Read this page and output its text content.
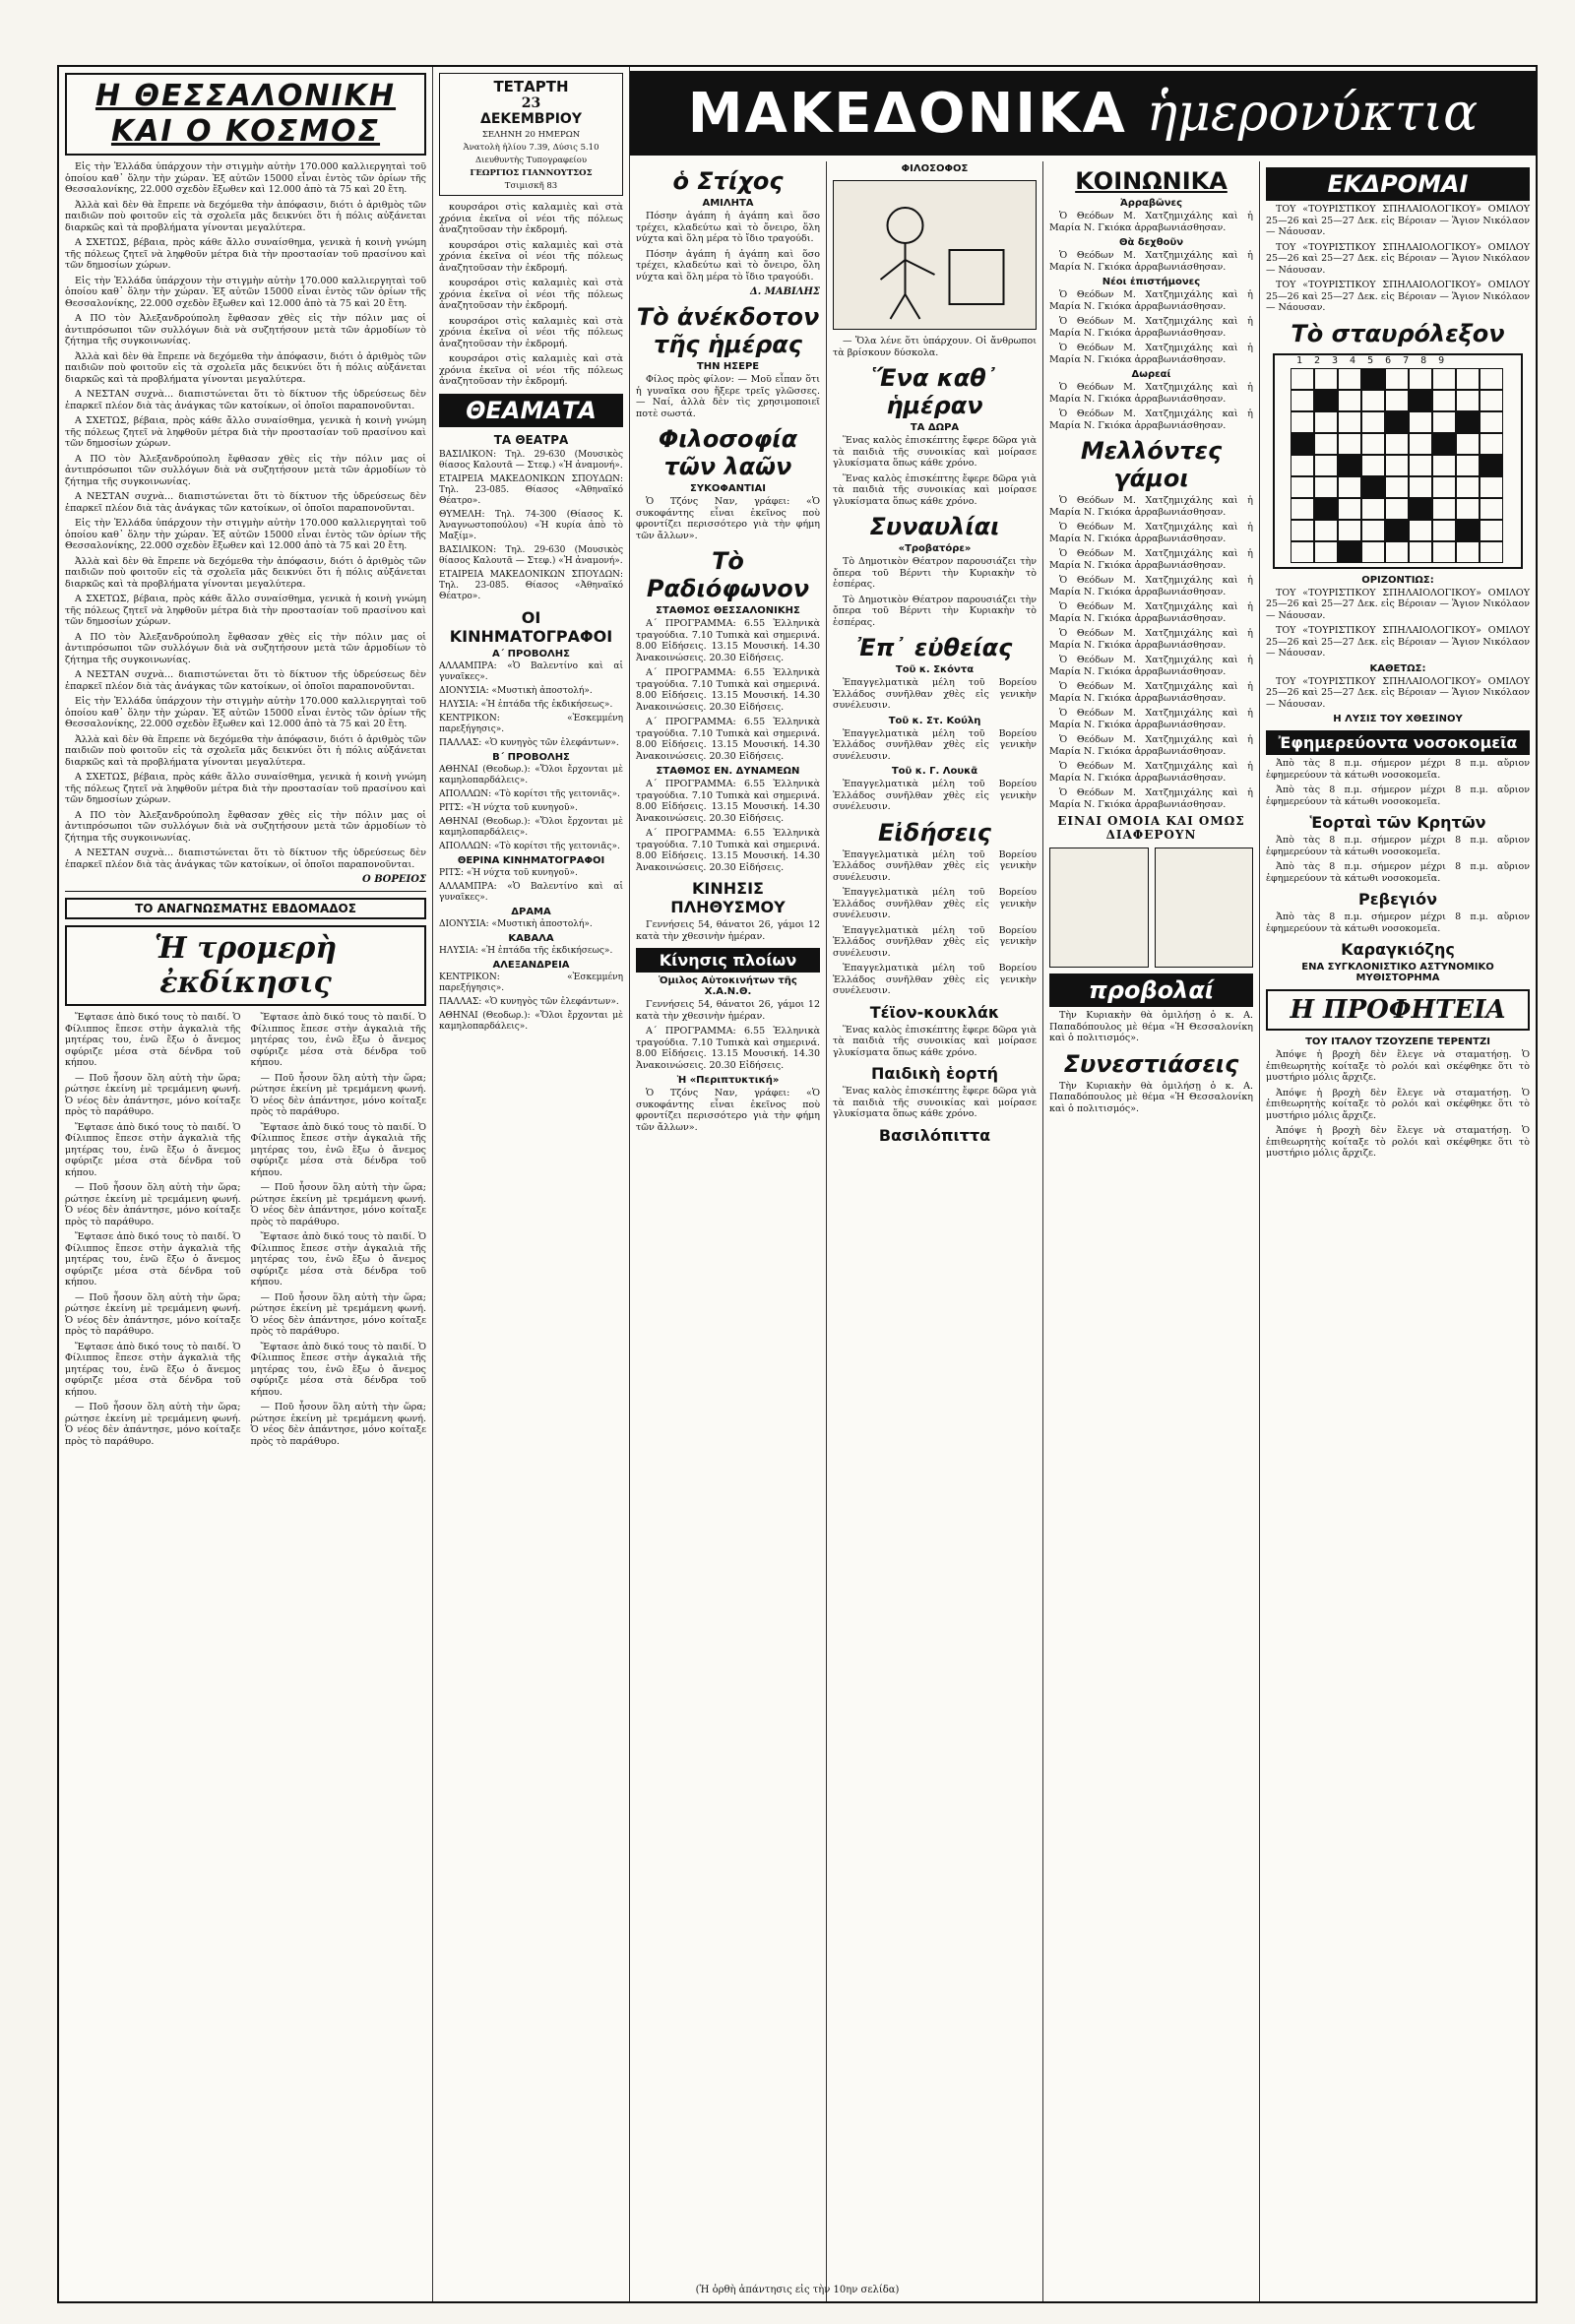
Η ΘΕΣΣΑΛΟΝΙΚΗ
ΚΑΙ Ο ΚΟΣΜΟΣ

Εἰς τὴν Ἑλλάδα ὑπάρχουν τὴν στιγμὴν αὐτὴν 170.000 καλλιεργηταὶ τοῦ ὁποίου καθ᾿ ὅλην τὴν χώραν. Ἐξ αὐτῶν 15000 εἶναι ἐντὸς τῶν ὁρίων τῆς Θεσσαλονίκης, 22.000 σχεδὸν ἔξωθεν καὶ 12.000 ἀπὸ τὰ 75 καὶ 20 ἔτη.

Ἀλλὰ καὶ δὲν θὰ ἔπρεπε νὰ δεχόμεθα τὴν ἀπόφασιν, διότι ὁ ἀριθμὸς τῶν παιδιῶν ποὺ φοιτοῦν εἰς τὰ σχολεῖα μᾶς δεικνύει ὅτι ἡ πόλις αὐξάνεται διαρκῶς καὶ τὰ προβλήματα γίνονται μεγαλύτερα.

Α ΣΧΕΤΩΣ, βέβαια, πρὸς κάθε ἄλλο συναίσθημα, γενικὰ ἡ κοινὴ γνώμη τῆς πόλεως ζητεῖ νὰ ληφθοῦν μέτρα διὰ τὴν προστασίαν τοῦ πρασίνου καὶ τῶν δημοσίων χώρων.

Εἰς τὴν Ἑλλάδα ὑπάρχουν τὴν στιγμὴν αὐτὴν 170.000 καλλιεργηταὶ τοῦ ὁποίου καθ᾿ ὅλην τὴν χώραν. Ἐξ αὐτῶν 15000 εἶναι ἐντὸς τῶν ὁρίων τῆς Θεσσαλονίκης, 22.000 σχεδὸν ἔξωθεν καὶ 12.000 ἀπὸ τὰ 75 καὶ 20 ἔτη.

Α ΠΟ τὸν Ἀλεξανδρούπολη ἔφθασαν χθὲς εἰς τὴν πόλιν μας οἱ ἀντιπρόσωποι τῶν συλλόγων διὰ νὰ συζητήσουν μετὰ τῶν ἁρμοδίων τὸ ζήτημα τῆς συγκοινωνίας.

Ἀλλὰ καὶ δὲν θὰ ἔπρεπε νὰ δεχόμεθα τὴν ἀπόφασιν, διότι ὁ ἀριθμὸς τῶν παιδιῶν ποὺ φοιτοῦν εἰς τὰ σχολεῖα μᾶς δεικνύει ὅτι ἡ πόλις αὐξάνεται διαρκῶς καὶ τὰ προβλήματα γίνονται μεγαλύτερα.

Α ΝΕΣΤΑΝ συχνὰ... διαπιστώνεται ὅτι τὸ δίκτυον τῆς ὑδρεύσεως δὲν ἐπαρκεῖ πλέον διὰ τὰς ἀνάγκας τῶν κατοίκων, οἱ ὁποῖοι παραπονοῦνται.

Α ΣΧΕΤΩΣ, βέβαια, πρὸς κάθε ἄλλο συναίσθημα, γενικὰ ἡ κοινὴ γνώμη τῆς πόλεως ζητεῖ νὰ ληφθοῦν μέτρα διὰ τὴν προστασίαν τοῦ πρασίνου καὶ τῶν δημοσίων χώρων.

Α ΠΟ τὸν Ἀλεξανδρούπολη ἔφθασαν χθὲς εἰς τὴν πόλιν μας οἱ ἀντιπρόσωποι τῶν συλλόγων διὰ νὰ συζητήσουν μετὰ τῶν ἁρμοδίων τὸ ζήτημα τῆς συγκοινωνίας.

Α ΝΕΣΤΑΝ συχνὰ... διαπιστώνεται ὅτι τὸ δίκτυον τῆς ὑδρεύσεως δὲν ἐπαρκεῖ πλέον διὰ τὰς ἀνάγκας τῶν κατοίκων, οἱ ὁποῖοι παραπονοῦνται.

Εἰς τὴν Ἑλλάδα ὑπάρχουν τὴν στιγμὴν αὐτὴν 170.000 καλλιεργηταὶ τοῦ ὁποίου καθ᾿ ὅλην τὴν χώραν. Ἐξ αὐτῶν 15000 εἶναι ἐντὸς τῶν ὁρίων τῆς Θεσσαλονίκης, 22.000 σχεδὸν ἔξωθεν καὶ 12.000 ἀπὸ τὰ 75 καὶ 20 ἔτη.

Ἀλλὰ καὶ δὲν θὰ ἔπρεπε νὰ δεχόμεθα τὴν ἀπόφασιν, διότι ὁ ἀριθμὸς τῶν παιδιῶν ποὺ φοιτοῦν εἰς τὰ σχολεῖα μᾶς δεικνύει ὅτι ἡ πόλις αὐξάνεται διαρκῶς καὶ τὰ προβλήματα γίνονται μεγαλύτερα.

Α ΣΧΕΤΩΣ, βέβαια, πρὸς κάθε ἄλλο συναίσθημα, γενικὰ ἡ κοινὴ γνώμη τῆς πόλεως ζητεῖ νὰ ληφθοῦν μέτρα διὰ τὴν προστασίαν τοῦ πρασίνου καὶ τῶν δημοσίων χώρων.

Α ΠΟ τὸν Ἀλεξανδρούπολη ἔφθασαν χθὲς εἰς τὴν πόλιν μας οἱ ἀντιπρόσωποι τῶν συλλόγων διὰ νὰ συζητήσουν μετὰ τῶν ἁρμοδίων τὸ ζήτημα τῆς συγκοινωνίας.

Α ΝΕΣΤΑΝ συχνὰ... διαπιστώνεται ὅτι τὸ δίκτυον τῆς ὑδρεύσεως δὲν ἐπαρκεῖ πλέον διὰ τὰς ἀνάγκας τῶν κατοίκων, οἱ ὁποῖοι παραπονοῦνται.

Εἰς τὴν Ἑλλάδα ὑπάρχουν τὴν στιγμὴν αὐτὴν 170.000 καλλιεργηταὶ τοῦ ὁποίου καθ᾿ ὅλην τὴν χώραν. Ἐξ αὐτῶν 15000 εἶναι ἐντὸς τῶν ὁρίων τῆς Θεσσαλονίκης, 22.000 σχεδὸν ἔξωθεν καὶ 12.000 ἀπὸ τὰ 75 καὶ 20 ἔτη.

Ἀλλὰ καὶ δὲν θὰ ἔπρεπε νὰ δεχόμεθα τὴν ἀπόφασιν, διότι ὁ ἀριθμὸς τῶν παιδιῶν ποὺ φοιτοῦν εἰς τὰ σχολεῖα μᾶς δεικνύει ὅτι ἡ πόλις αὐξάνεται διαρκῶς καὶ τὰ προβλήματα γίνονται μεγαλύτερα.

Α ΣΧΕΤΩΣ, βέβαια, πρὸς κάθε ἄλλο συναίσθημα, γενικὰ ἡ κοινὴ γνώμη τῆς πόλεως ζητεῖ νὰ ληφθοῦν μέτρα διὰ τὴν προστασίαν τοῦ πρασίνου καὶ τῶν δημοσίων χώρων.

Α ΠΟ τὸν Ἀλεξανδρούπολη ἔφθασαν χθὲς εἰς τὴν πόλιν μας οἱ ἀντιπρόσωποι τῶν συλλόγων διὰ νὰ συζητήσουν μετὰ τῶν ἁρμοδίων τὸ ζήτημα τῆς συγκοινωνίας.

Α ΝΕΣΤΑΝ συχνὰ... διαπιστώνεται ὅτι τὸ δίκτυον τῆς ὑδρεύσεως δὲν ἐπαρκεῖ πλέον διὰ τὰς ἀνάγκας τῶν κατοίκων, οἱ ὁποῖοι παραπονοῦνται.

Ο ΒΟΡΕΙΟΣ
ΤΟ ΑΝΑΓΝΩΣΜΑΤΗΣ ΕΒΔΟΜΑΔΟΣ
Ἡ τρομερὴ ἐκδίκησις

Ἔφτασε ἀπὸ δικό τους τὸ παιδί. Ὁ Φίλιππος ἔπεσε στὴν ἀγκαλιὰ τῆς μητέρας του, ἐνῶ ἔξω ὁ ἄνεμος σφύριζε μέσα στὰ δένδρα τοῦ κήπου.

— Ποῦ ἦσουν ὅλη αὐτὴ τὴν ὥρα; ρώτησε ἐκείνη μὲ τρεμάμενη φωνή. Ὁ νέος δὲν ἀπάντησε, μόνο κοίταξε πρὸς τὸ παράθυρο.

Ἔφτασε ἀπὸ δικό τους τὸ παιδί. Ὁ Φίλιππος ἔπεσε στὴν ἀγκαλιὰ τῆς μητέρας του, ἐνῶ ἔξω ὁ ἄνεμος σφύριζε μέσα στὰ δένδρα τοῦ κήπου.

— Ποῦ ἦσουν ὅλη αὐτὴ τὴν ὥρα; ρώτησε ἐκείνη μὲ τρεμάμενη φωνή. Ὁ νέος δὲν ἀπάντησε, μόνο κοίταξε πρὸς τὸ παράθυρο.

Ἔφτασε ἀπὸ δικό τους τὸ παιδί. Ὁ Φίλιππος ἔπεσε στὴν ἀγκαλιὰ τῆς μητέρας του, ἐνῶ ἔξω ὁ ἄνεμος σφύριζε μέσα στὰ δένδρα τοῦ κήπου.

— Ποῦ ἦσουν ὅλη αὐτὴ τὴν ὥρα; ρώτησε ἐκείνη μὲ τρεμάμενη φωνή. Ὁ νέος δὲν ἀπάντησε, μόνο κοίταξε πρὸς τὸ παράθυρο.

Ἔφτασε ἀπὸ δικό τους τὸ παιδί. Ὁ Φίλιππος ἔπεσε στὴν ἀγκαλιὰ τῆς μητέρας του, ἐνῶ ἔξω ὁ ἄνεμος σφύριζε μέσα στὰ δένδρα τοῦ κήπου.

— Ποῦ ἦσουν ὅλη αὐτὴ τὴν ὥρα; ρώτησε ἐκείνη μὲ τρεμάμενη φωνή. Ὁ νέος δὲν ἀπάντησε, μόνο κοίταξε πρὸς τὸ παράθυρο.

Ἔφτασε ἀπὸ δικό τους τὸ παιδί. Ὁ Φίλιππος ἔπεσε στὴν ἀγκαλιὰ τῆς μητέρας του, ἐνῶ ἔξω ὁ ἄνεμος σφύριζε μέσα στὰ δένδρα τοῦ κήπου.

— Ποῦ ἦσουν ὅλη αὐτὴ τὴν ὥρα; ρώτησε ἐκείνη μὲ τρεμάμενη φωνή. Ὁ νέος δὲν ἀπάντησε, μόνο κοίταξε πρὸς τὸ παράθυρο.

Ἔφτασε ἀπὸ δικό τους τὸ παιδί. Ὁ Φίλιππος ἔπεσε στὴν ἀγκαλιὰ τῆς μητέρας του, ἐνῶ ἔξω ὁ ἄνεμος σφύριζε μέσα στὰ δένδρα τοῦ κήπου.

— Ποῦ ἦσουν ὅλη αὐτὴ τὴν ὥρα; ρώτησε ἐκείνη μὲ τρεμάμενη φωνή. Ὁ νέος δὲν ἀπάντησε, μόνο κοίταξε πρὸς τὸ παράθυρο.

Ἔφτασε ἀπὸ δικό τους τὸ παιδί. Ὁ Φίλιππος ἔπεσε στὴν ἀγκαλιὰ τῆς μητέρας του, ἐνῶ ἔξω ὁ ἄνεμος σφύριζε μέσα στὰ δένδρα τοῦ κήπου.

— Ποῦ ἦσουν ὅλη αὐτὴ τὴν ὥρα; ρώτησε ἐκείνη μὲ τρεμάμενη φωνή. Ὁ νέος δὲν ἀπάντησε, μόνο κοίταξε πρὸς τὸ παράθυρο.

Ἔφτασε ἀπὸ δικό τους τὸ παιδί. Ὁ Φίλιππος ἔπεσε στὴν ἀγκαλιὰ τῆς μητέρας του, ἐνῶ ἔξω ὁ ἄνεμος σφύριζε μέσα στὰ δένδρα τοῦ κήπου.

— Ποῦ ἦσουν ὅλη αὐτὴ τὴν ὥρα; ρώτησε ἐκείνη μὲ τρεμάμενη φωνή. Ὁ νέος δὲν ἀπάντησε, μόνο κοίταξε πρὸς τὸ παράθυρο.

ΤΕΤΑΡΤΗ
23
ΔΕΚΕΜΒΡΙΟΥ
ΣΕΛΗΝΗ 20 ΗΜΕΡΩΝ
Ἀνατολὴ ἡλίου 7.39, Δύσις 5.10
Διευθυντὴς Τυπογραφείου
ΓΕΩΡΓΙΟΣ ΓΙΑΝΝΟΥΤΣΟΣ
Τσιμισκῆ 83

κουρσάροι στὶς καλαμιὲς καὶ στὰ χρόνια ἐκεῖνα οἱ νέοι τῆς πόλεως ἀναζητοῦσαν τὴν ἐκδρομή.

κουρσάροι στὶς καλαμιὲς καὶ στὰ χρόνια ἐκεῖνα οἱ νέοι τῆς πόλεως ἀναζητοῦσαν τὴν ἐκδρομή.

κουρσάροι στὶς καλαμιὲς καὶ στὰ χρόνια ἐκεῖνα οἱ νέοι τῆς πόλεως ἀναζητοῦσαν τὴν ἐκδρομή.

κουρσάροι στὶς καλαμιὲς καὶ στὰ χρόνια ἐκεῖνα οἱ νέοι τῆς πόλεως ἀναζητοῦσαν τὴν ἐκδρομή.

κουρσάροι στὶς καλαμιὲς καὶ στὰ χρόνια ἐκεῖνα οἱ νέοι τῆς πόλεως ἀναζητοῦσαν τὴν ἐκδρομή.

ΘΕΑΜΑΤΑ
ΤΑ ΘΕΑΤΡΑ

ΒΑΣΙΛΙΚΟΝ: Τηλ. 29-630 (Μουσικὸς θίασος Καλουτᾶ — Στεφ.) «Ἡ ἀναμονή».

ΕΤΑΙΡΕΙΑ ΜΑΚΕΔΟΝΙΚΩΝ ΣΠΟΥΔΩΝ: Τηλ. 23-085. Θίασος «Ἀθηναϊκό Θέατρο».

ΘΥΜΕΛΗ: Τηλ. 74-300 (Θίασος Κ. Ἀναγνωστοπούλου) «Ἡ κυρία ἀπὸ τὸ Μαξίμ».

ΒΑΣΙΛΙΚΟΝ: Τηλ. 29-630 (Μουσικὸς θίασος Καλουτᾶ — Στεφ.) «Ἡ ἀναμονή».

ΕΤΑΙΡΕΙΑ ΜΑΚΕΔΟΝΙΚΩΝ ΣΠΟΥΔΩΝ: Τηλ. 23-085. Θίασος «Ἀθηναϊκό Θέατρο».

ΟΙ ΚΙΝΗΜΑΤΟΓΡΑΦΟΙ
Α΄ ΠΡΟΒΟΛΗΣ

ΑΛΛΑΜΠΡΑ: «Ὁ Βαλεντίνο καὶ αἱ γυναῖκες».

ΔΙΟΝΥΣΙΑ: «Μυστικὴ ἀποστολή».

ΗΛΥΣΙΑ: «Ἡ ἑπτάδα τῆς ἐκδικήσεως».

ΚΕΝΤΡΙΚΟΝ: «Ἐσκεμμένη παρεξήγησις».

ΠΑΛΛΑΣ: «Ὁ κυνηγὸς τῶν ἐλεφάντων».

Β΄ ΠΡΟΒΟΛΗΣ

ΑΘΗΝΑΙ (Θεοδωρ.): «Ὅλοι ἔρχονται μὲ καμηλοπαρδάλεις».

ΑΠΟΛΛΩΝ: «Τὸ κορίτσι τῆς γειτονιᾶς».

ΡΙΤΣ: «Ἡ νύχτα τοῦ κυνηγοῦ».

ΑΘΗΝΑΙ (Θεοδωρ.): «Ὅλοι ἔρχονται μὲ καμηλοπαρδάλεις».

ΑΠΟΛΛΩΝ: «Τὸ κορίτσι τῆς γειτονιᾶς».

ΘΕΡΙΝΑ ΚΙΝΗΜΑΤΟΓΡΑΦΟΙ

ΡΙΤΣ: «Ἡ νύχτα τοῦ κυνηγοῦ».

ΑΛΛΑΜΠΡΑ: «Ὁ Βαλεντίνο καὶ αἱ γυναῖκες».

ΔΡΑΜΑ

ΔΙΟΝΥΣΙΑ: «Μυστικὴ ἀποστολή».

ΚΑΒΑΛΑ

ΗΛΥΣΙΑ: «Ἡ ἑπτάδα τῆς ἐκδικήσεως».

ΑΛΕΞΑΝΔΡΕΙΑ

ΚΕΝΤΡΙΚΟΝ: «Ἐσκεμμένη παρεξήγησις».

ΠΑΛΛΑΣ: «Ὁ κυνηγὸς τῶν ἐλεφάντων».

ΑΘΗΝΑΙ (Θεοδωρ.): «Ὅλοι ἔρχονται μὲ καμηλοπαρδάλεις».

ΜΑΚΕΔΟΝΙΚΑ ἡμερονύκτια
ὁ Στίχος
ΑΜΙΛΗΤΑ

Πόσην ἀγάπη ἡ ἀγάπη καὶ ὅσο τρέχει, κλαδεύτω καὶ τὸ ὄνειρο, ὅλη νύχτα καὶ ὅλη μέρα τὸ ἴδιο τραγούδι.

Πόσην ἀγάπη ἡ ἀγάπη καὶ ὅσο τρέχει, κλαδεύτω καὶ τὸ ὄνειρο, ὅλη νύχτα καὶ ὅλη μέρα τὸ ἴδιο τραγούδι.

Δ. ΜΑΒΙΛΗΣ
Τὸ ἀνέκδοτον τῆς ἡμέρας
ΤΗΝ ΗΣΕΡΕ

Φίλος πρὸς φίλον: — Μοῦ εἶπαν ὅτι ἡ γυναῖκα σου ἤξερε τρεῖς γλῶσσες. — Ναί, ἀλλὰ δὲν τὶς χρησιμοποιεῖ ποτὲ σωστά.

Φιλοσοφία τῶν λαῶν
ΣΥΚΟΦΑΝΤΙΑΙ

Ὁ Τζόνς Ναν, γράφει: «Ὁ συκοφάντης εἶναι ἐκεῖνος ποὺ φροντίζει περισσότερο γιὰ τὴν φήμη τῶν ἄλλων».

Τὸ Ραδιόφωνον
ΣΤΑΘΜΟΣ ΘΕΣΣΑΛΟΝΙΚΗΣ

Α΄ ΠΡΟΓΡΑΜΜΑ: 6.55 Ἑλληνικὰ τραγούδια. 7.10 Τυπικὰ καὶ σημερινά. 8.00 Εἰδήσεις. 13.15 Μουσική. 14.30 Ἀνακοινώσεις. 20.30 Εἰδήσεις.

Α΄ ΠΡΟΓΡΑΜΜΑ: 6.55 Ἑλληνικὰ τραγούδια. 7.10 Τυπικὰ καὶ σημερινά. 8.00 Εἰδήσεις. 13.15 Μουσική. 14.30 Ἀνακοινώσεις. 20.30 Εἰδήσεις.

Α΄ ΠΡΟΓΡΑΜΜΑ: 6.55 Ἑλληνικὰ τραγούδια. 7.10 Τυπικὰ καὶ σημερινά. 8.00 Εἰδήσεις. 13.15 Μουσική. 14.30 Ἀνακοινώσεις. 20.30 Εἰδήσεις.

ΣΤΑΘΜΟΣ ΕΝ. ΔΥΝΑΜΕΩΝ

Α΄ ΠΡΟΓΡΑΜΜΑ: 6.55 Ἑλληνικὰ τραγούδια. 7.10 Τυπικὰ καὶ σημερινά. 8.00 Εἰδήσεις. 13.15 Μουσική. 14.30 Ἀνακοινώσεις. 20.30 Εἰδήσεις.

Α΄ ΠΡΟΓΡΑΜΜΑ: 6.55 Ἑλληνικὰ τραγούδια. 7.10 Τυπικὰ καὶ σημερινά. 8.00 Εἰδήσεις. 13.15 Μουσική. 14.30 Ἀνακοινώσεις. 20.30 Εἰδήσεις.

ΚΙΝΗΣΙΣ ΠΛΗΘΥΣΜΟΥ

Γεννήσεις 54, θάνατοι 26, γάμοι 12 κατὰ τὴν χθεσινὴν ἡμέραν.

Κίνησις πλοίων
Ὁμιλος Αὐτοκινήτων τῆς Χ.Α.Ν.Θ.

Γεννήσεις 54, θάνατοι 26, γάμοι 12 κατὰ τὴν χθεσινὴν ἡμέραν.

Α΄ ΠΡΟΓΡΑΜΜΑ: 6.55 Ἑλληνικὰ τραγούδια. 7.10 Τυπικὰ καὶ σημερινά. 8.00 Εἰδήσεις. 13.15 Μουσική. 14.30 Ἀνακοινώσεις. 20.30 Εἰδήσεις.

Ἡ «Περιπτυκτική»

Ὁ Τζόνς Ναν, γράφει: «Ὁ συκοφάντης εἶναι ἐκεῖνος ποὺ φροντίζει περισσότερο γιὰ τὴν φήμη τῶν ἄλλων».

ΦΙΛΟΣΟΦΟΣ

— Ὅλα λένε ὅτι ὑπάρχουν. Οἱ ἄνθρωποι τὰ βρίσκουν δύσκολα.

Ἕνα καθ᾿ ἡμέραν
ΤΑ ΔΩΡΑ

Ἕνας καλὸς ἐπισκέπτης ἔφερε δῶρα γιὰ τὰ παιδιὰ τῆς συνοικίας καὶ μοίρασε γλυκίσματα ὅπως κάθε χρόνο.

Ἕνας καλὸς ἐπισκέπτης ἔφερε δῶρα γιὰ τὰ παιδιὰ τῆς συνοικίας καὶ μοίρασε γλυκίσματα ὅπως κάθε χρόνο.

Συναυλίαι
«Τροβατόρε»

Τὸ Δημοτικὸν Θέατρον παρουσιάζει τὴν ὄπερα τοῦ Βέρντι τὴν Κυριακὴν τὸ ἑσπέρας.

Τὸ Δημοτικὸν Θέατρον παρουσιάζει τὴν ὄπερα τοῦ Βέρντι τὴν Κυριακὴν τὸ ἑσπέρας.

Ἐπ᾿ εὐθείας
Τοῦ κ. Σκόντα

Ἐπαγγελματικὰ μέλη τοῦ Βορείου Ἑλλάδος συνῆλθαν χθὲς εἰς γενικὴν συνέλευσιν.

Τοῦ κ. Στ. Κούλη

Ἐπαγγελματικὰ μέλη τοῦ Βορείου Ἑλλάδος συνῆλθαν χθὲς εἰς γενικὴν συνέλευσιν.

Τοῦ κ. Γ. Λουκᾶ

Ἐπαγγελματικὰ μέλη τοῦ Βορείου Ἑλλάδος συνῆλθαν χθὲς εἰς γενικὴν συνέλευσιν.

Εἰδήσεις

Ἐπαγγελματικὰ μέλη τοῦ Βορείου Ἑλλάδος συνῆλθαν χθὲς εἰς γενικὴν συνέλευσιν.

Ἐπαγγελματικὰ μέλη τοῦ Βορείου Ἑλλάδος συνῆλθαν χθὲς εἰς γενικὴν συνέλευσιν.

Ἐπαγγελματικὰ μέλη τοῦ Βορείου Ἑλλάδος συνῆλθαν χθὲς εἰς γενικὴν συνέλευσιν.

Ἐπαγγελματικὰ μέλη τοῦ Βορείου Ἑλλάδος συνῆλθαν χθὲς εἰς γενικὴν συνέλευσιν.

Τέϊον-κουκλάκ

Ἕνας καλὸς ἐπισκέπτης ἔφερε δῶρα γιὰ τὰ παιδιὰ τῆς συνοικίας καὶ μοίρασε γλυκίσματα ὅπως κάθε χρόνο.

Παιδικὴ ἑορτή

Ἕνας καλὸς ἐπισκέπτης ἔφερε δῶρα γιὰ τὰ παιδιὰ τῆς συνοικίας καὶ μοίρασε γλυκίσματα ὅπως κάθε χρόνο.

Βασιλόπιττα
ΚΟΙΝΩΝΙΚΑ
Ἀρραβῶνες

Ὁ Θεόδων Μ. Χατζημιχάλης καὶ ἡ Μαρία Ν. Γκιόκα ἀρραβωνιάσθησαν.

Θὰ δεχθοῦν

Ὁ Θεόδων Μ. Χατζημιχάλης καὶ ἡ Μαρία Ν. Γκιόκα ἀρραβωνιάσθησαν.

Νέοι ἐπιστήμονες

Ὁ Θεόδων Μ. Χατζημιχάλης καὶ ἡ Μαρία Ν. Γκιόκα ἀρραβωνιάσθησαν.

Ὁ Θεόδων Μ. Χατζημιχάλης καὶ ἡ Μαρία Ν. Γκιόκα ἀρραβωνιάσθησαν.

Ὁ Θεόδων Μ. Χατζημιχάλης καὶ ἡ Μαρία Ν. Γκιόκα ἀρραβωνιάσθησαν.

Δωρεαί

Ὁ Θεόδων Μ. Χατζημιχάλης καὶ ἡ Μαρία Ν. Γκιόκα ἀρραβωνιάσθησαν.

Ὁ Θεόδων Μ. Χατζημιχάλης καὶ ἡ Μαρία Ν. Γκιόκα ἀρραβωνιάσθησαν.

Μελλόντες γάμοι

Ὁ Θεόδων Μ. Χατζημιχάλης καὶ ἡ Μαρία Ν. Γκιόκα ἀρραβωνιάσθησαν.

Ὁ Θεόδων Μ. Χατζημιχάλης καὶ ἡ Μαρία Ν. Γκιόκα ἀρραβωνιάσθησαν.

Ὁ Θεόδων Μ. Χατζημιχάλης καὶ ἡ Μαρία Ν. Γκιόκα ἀρραβωνιάσθησαν.

Ὁ Θεόδων Μ. Χατζημιχάλης καὶ ἡ Μαρία Ν. Γκιόκα ἀρραβωνιάσθησαν.

Ὁ Θεόδων Μ. Χατζημιχάλης καὶ ἡ Μαρία Ν. Γκιόκα ἀρραβωνιάσθησαν.

Ὁ Θεόδων Μ. Χατζημιχάλης καὶ ἡ Μαρία Ν. Γκιόκα ἀρραβωνιάσθησαν.

Ὁ Θεόδων Μ. Χατζημιχάλης καὶ ἡ Μαρία Ν. Γκιόκα ἀρραβωνιάσθησαν.

Ὁ Θεόδων Μ. Χατζημιχάλης καὶ ἡ Μαρία Ν. Γκιόκα ἀρραβωνιάσθησαν.

Ὁ Θεόδων Μ. Χατζημιχάλης καὶ ἡ Μαρία Ν. Γκιόκα ἀρραβωνιάσθησαν.

Ὁ Θεόδων Μ. Χατζημιχάλης καὶ ἡ Μαρία Ν. Γκιόκα ἀρραβωνιάσθησαν.

Ὁ Θεόδων Μ. Χατζημιχάλης καὶ ἡ Μαρία Ν. Γκιόκα ἀρραβωνιάσθησαν.

Ὁ Θεόδων Μ. Χατζημιχάλης καὶ ἡ Μαρία Ν. Γκιόκα ἀρραβωνιάσθησαν.

ΕΙΝΑΙ ΟΜΟΙΑ ΚΑΙ ΟΜΩΣ ΔΙΑΦΕΡΟΥΝ
προβολαί

Τὴν Κυριακὴν θὰ ὁμιλήσῃ ὁ κ. Α. Παπαδόπουλος μὲ θέμα «Ἡ Θεσσαλονίκη καὶ ὁ πολιτισμός».

Συνεστιάσεις

Τὴν Κυριακὴν θὰ ὁμιλήσῃ ὁ κ. Α. Παπαδόπουλος μὲ θέμα «Ἡ Θεσσαλονίκη καὶ ὁ πολιτισμός».

ΕΚΔΡΟΜΑΙ

ΤΟΥ «ΤΟΥΡΙΣΤΙΚΟΥ ΣΠΗΛΑΙΟΛΟΓΙΚΟΥ» ΟΜΙΛΟΥ 25—26 καὶ 25—27 Δεκ. εἰς Βέροιαν — Ἅγιον Νικόλαον — Νάουσαν.

ΤΟΥ «ΤΟΥΡΙΣΤΙΚΟΥ ΣΠΗΛΑΙΟΛΟΓΙΚΟΥ» ΟΜΙΛΟΥ 25—26 καὶ 25—27 Δεκ. εἰς Βέροιαν — Ἅγιον Νικόλαον — Νάουσαν.

ΤΟΥ «ΤΟΥΡΙΣΤΙΚΟΥ ΣΠΗΛΑΙΟΛΟΓΙΚΟΥ» ΟΜΙΛΟΥ 25—26 καὶ 25—27 Δεκ. εἰς Βέροιαν — Ἅγιον Νικόλαον — Νάουσαν.

Τὸ σταυρόλεξον
123456789
ΟΡΙΖΟΝΤΙΩΣ:

ΤΟΥ «ΤΟΥΡΙΣΤΙΚΟΥ ΣΠΗΛΑΙΟΛΟΓΙΚΟΥ» ΟΜΙΛΟΥ 25—26 καὶ 25—27 Δεκ. εἰς Βέροιαν — Ἅγιον Νικόλαον — Νάουσαν.

ΤΟΥ «ΤΟΥΡΙΣΤΙΚΟΥ ΣΠΗΛΑΙΟΛΟΓΙΚΟΥ» ΟΜΙΛΟΥ 25—26 καὶ 25—27 Δεκ. εἰς Βέροιαν — Ἅγιον Νικόλαον — Νάουσαν.

ΚΑΘΕΤΩΣ:

ΤΟΥ «ΤΟΥΡΙΣΤΙΚΟΥ ΣΠΗΛΑΙΟΛΟΓΙΚΟΥ» ΟΜΙΛΟΥ 25—26 καὶ 25—27 Δεκ. εἰς Βέροιαν — Ἅγιον Νικόλαον — Νάουσαν.

Η ΛΥΣΙΣ ΤΟΥ ΧΘΕΣΙΝΟΥ
Ἐφημερεύοντα νοσοκομεῖα

Ἀπὸ τὰς 8 π.μ. σήμερον μέχρι 8 π.μ. αὔριον ἐφημερεύουν τὰ κάτωθι νοσοκομεῖα.

Ἀπὸ τὰς 8 π.μ. σήμερον μέχρι 8 π.μ. αὔριον ἐφημερεύουν τὰ κάτωθι νοσοκομεῖα.

Ἑορταὶ τῶν Κρητῶν

Ἀπὸ τὰς 8 π.μ. σήμερον μέχρι 8 π.μ. αὔριον ἐφημερεύουν τὰ κάτωθι νοσοκομεῖα.

Ἀπὸ τὰς 8 π.μ. σήμερον μέχρι 8 π.μ. αὔριον ἐφημερεύουν τὰ κάτωθι νοσοκομεῖα.

Ρεβεγιόν

Ἀπὸ τὰς 8 π.μ. σήμερον μέχρι 8 π.μ. αὔριον ἐφημερεύουν τὰ κάτωθι νοσοκομεῖα.

Καραγκιόζης
ΕΝΑ ΣΥΓΚΛΟΝΙΣΤΙΚΟ ΑΣΤΥΝΟΜΙΚΟ ΜΥΘΙΣΤΟΡΗΜΑ
Η ΠΡΟΦΗΤΕΙΑ
ΤΟΥ ΙΤΑΛΟΥ ΤΖΟΥΖΕΠΕ ΤΕΡΕΝΤΖΙ

Ἀπόψε ἡ βροχὴ δὲν ἔλεγε νὰ σταματήσῃ. Ὁ ἐπιθεωρητὴς κοίταξε τὸ ρολόι καὶ σκέφθηκε ὅτι τὸ μυστήριο μόλις ἄρχιζε.

Ἀπόψε ἡ βροχὴ δὲν ἔλεγε νὰ σταματήσῃ. Ὁ ἐπιθεωρητὴς κοίταξε τὸ ρολόι καὶ σκέφθηκε ὅτι τὸ μυστήριο μόλις ἄρχιζε.

Ἀπόψε ἡ βροχὴ δὲν ἔλεγε νὰ σταματήσῃ. Ὁ ἐπιθεωρητὴς κοίταξε τὸ ρολόι καὶ σκέφθηκε ὅτι τὸ μυστήριο μόλις ἄρχιζε.

(Ἡ ὀρθὴ ἀπάντησις εἰς τὴν 10ην σελίδα)
